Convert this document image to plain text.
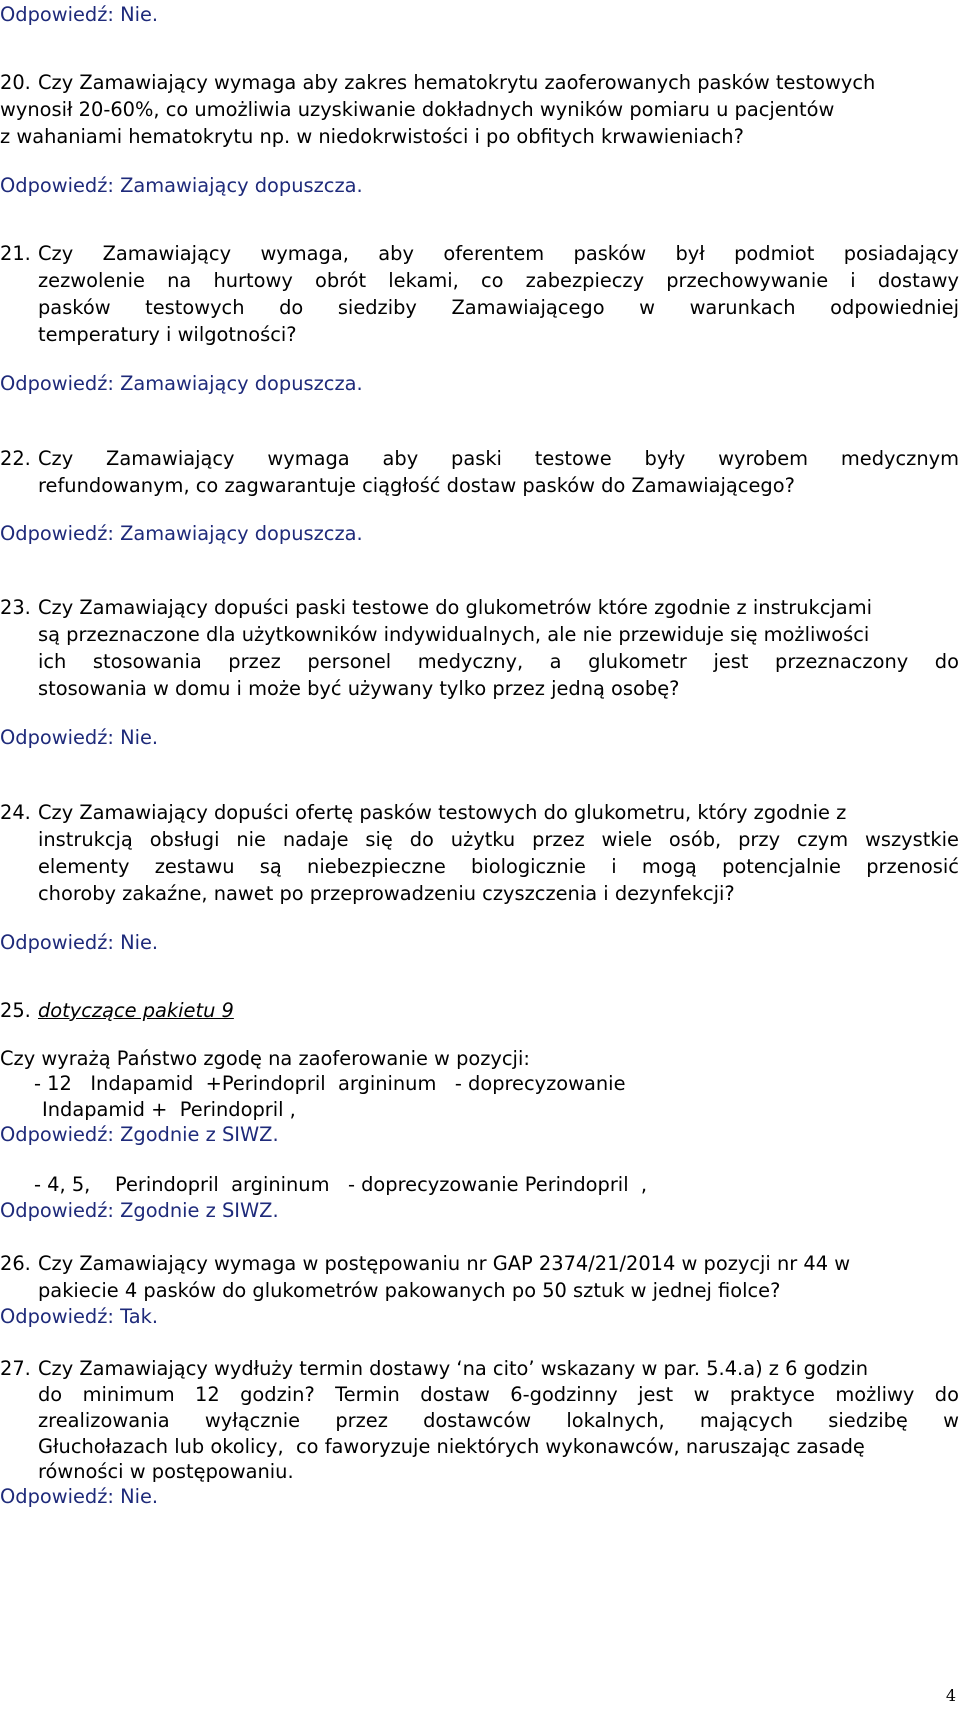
Odpowiedź: Nie.
20. Czy Zamawiający wymaga aby zakres hematokrytu zaoferowanych pasków testowych
wynosił 20-60%, co umożliwia uzyskiwanie dokładnych wyników pomiaru u pacjentów
z wahaniami hematokrytu np. w niedokrwistości i po obfitych krwawieniach?
Odpowiedź: Zamawiający dopuszcza.
21. Czy Zamawiający wymaga, aby oferentem pasków był podmiot posiadający
zezwolenie na hurtowy obrót lekami, co zabezpieczy przechowywanie i dostawy
pasków testowych do siedziby Zamawiającego w warunkach odpowiedniej
temperatury i wilgotności?
Odpowiedź: Zamawiający dopuszcza.
22. Czy Zamawiający wymaga aby paski testowe były wyrobem medycznym
refundowanym, co zagwarantuje ciągłość dostaw pasków do Zamawiającego?
Odpowiedź: Zamawiający dopuszcza.
23. Czy Zamawiający dopuści paski testowe do glukometrów które zgodnie z instrukcjami
są przeznaczone dla użytkowników indywidualnych, ale nie przewiduje się możliwości
ich stosowania przez personel medyczny, a glukometr jest przeznaczony do
stosowania w domu i może być używany tylko przez jedną osobę?
Odpowiedź: Nie.
24. Czy Zamawiający dopuści ofertę pasków testowych do glukometru, który zgodnie z
instrukcją obsługi nie nadaje się do użytku przez wiele osób, przy czym wszystkie
elementy zestawu są niebezpieczne biologicznie i mogą potencjalnie przenosić
choroby zakaźne, nawet po przeprowadzeniu czyszczenia i dezynfekcji?
Odpowiedź: Nie.
25. dotyczące pakietu 9
Czy wyrażą Państwo zgodę na zaoferowanie w pozycji:
- 12   Indapamid  +Perindopril  argininum   - doprecyzowanie
Indapamid +  Perindopril ,
Odpowiedź: Zgodnie z SIWZ.
- 4, 5,    Perindopril  argininum   - doprecyzowanie Perindopril  ,
Odpowiedź: Zgodnie z SIWZ.
26. Czy Zamawiający wymaga w postępowaniu nr GAP 2374/21/2014 w pozycji nr 44 w
pakiecie 4 pasków do glukometrów pakowanych po 50 sztuk w jednej fiolce?
Odpowiedź: Tak.
27. Czy Zamawiający wydłuży termin dostawy ‘na cito’ wskazany w par. 5.4.a) z 6 godzin
do minimum 12 godzin? Termin dostaw 6-godzinny jest w praktyce możliwy do
zrealizowania wyłącznie przez dostawców lokalnych, mających siedzibę w
Głuchołazach lub okolicy,  co faworyzuje niektórych wykonawców, naruszając zasadę
równości w postępowaniu.
Odpowiedź: Nie.
4
